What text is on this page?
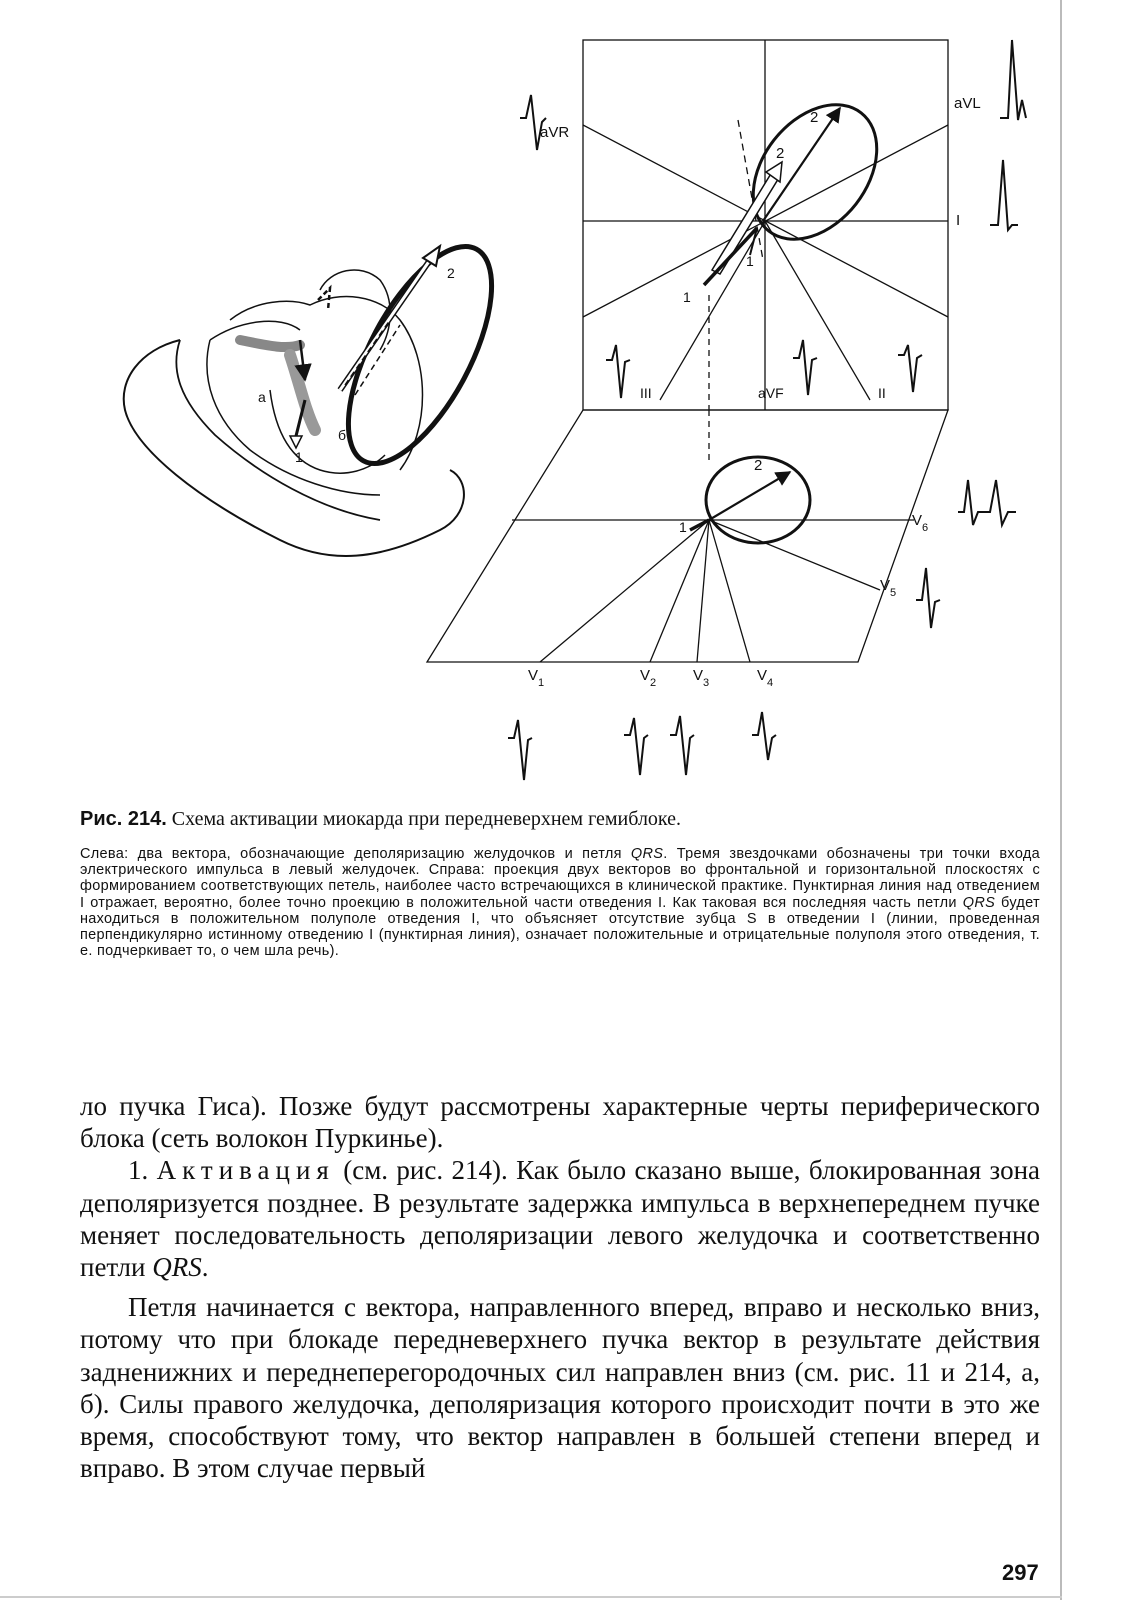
а
б
1
2
aVR
aVL
I
III	aVF	II
2
2
1
1
2
1
$V_1$	$V_2$ $V_3$	$V_4$
$V_5$
$V_6$
Рис. 214. Схема активации миокарда при передневерхнем гемиблоке.
Слева: два вектора, обозначающие деполяризацию желудочков и петля QRS. Тремя звездочками обозначены три точки входа электрического импульса в левый желудочек. Справа: проекция двух векторов во фронтальной и горизонтальной плоскостях с формированием соответствующих петель, наиболее часто встречающихся в клинической практике. Пунктирная линия над отведением I отражает, вероятно, более точно проекцию в положительной части отведения I. Как таковая вся последняя часть петли QRS будет находиться в положительном полуполе отведения I, что объясняет отсутствие зубца S в отведении I (линии, проведенная перпендикулярно истинному отведению I (пунктирная линия), означает положительные и отрицательные полуполя этого отведения, т. е. подчеркивает то, о чем шла речь).

ло пучка Гиса). Позже будут рассмотрены характерные черты периферического блока (сеть волокон Пуркинье).

1. Активация (см. рис. 214). Как было сказано выше, блокированная зона деполяризуется позднее. В результате задержка импульса в верхнепереднем пучке меняет последовательность деполяризации левого желудочка и соответственно петли QRS.

Петля начинается с вектора, направленного вперед, вправо и несколько вниз, потому что при блокаде передневерхнего пучка вектор в результате действия задненижних и переднеперегородочных сил направлен вниз (см. рис. 11 и 214, а, б). Силы правого желудочка, деполяризация которого происходит почти в это же время, способствуют тому, что вектор направлен в большей степени вперед и вправо. В этом случае первый

297
